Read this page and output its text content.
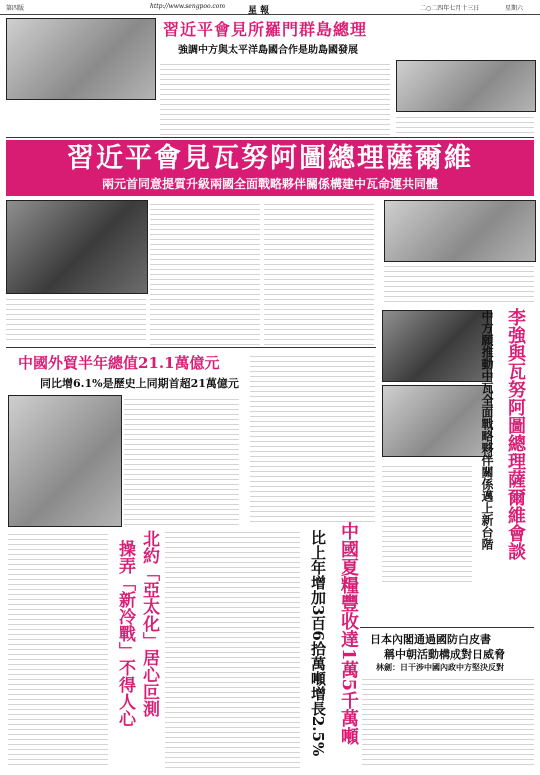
第四版	http://www.sengpoo.com	星 報	二○二四年七月十三日	星期六
習近平會見所羅門群島總理
強調中方與太平洋島國合作是助島國發展
習近平會見瓦努阿圖總理薩爾維
兩元首同意提質升級兩國全面戰略夥伴關係構建中瓦命運共同體
中國外貿半年總值21.1萬億元
同比增6.1%是歷史上同期首超21萬億元	李強與瓦努阿圖總理薩爾維會談
中方願推動中瓦全面戰略夥伴關係邁上新台階
中國夏糧豐收達1萬5千萬噸
比上年增加3百6拾萬噸增長2.5%
北約「亞太化」居心叵測
操弄「新冷戰」不得人心	日本內閣通過國防白皮書
稱中朝活動構成對日威脅
林劍：日干涉中國內政中方堅決反對
